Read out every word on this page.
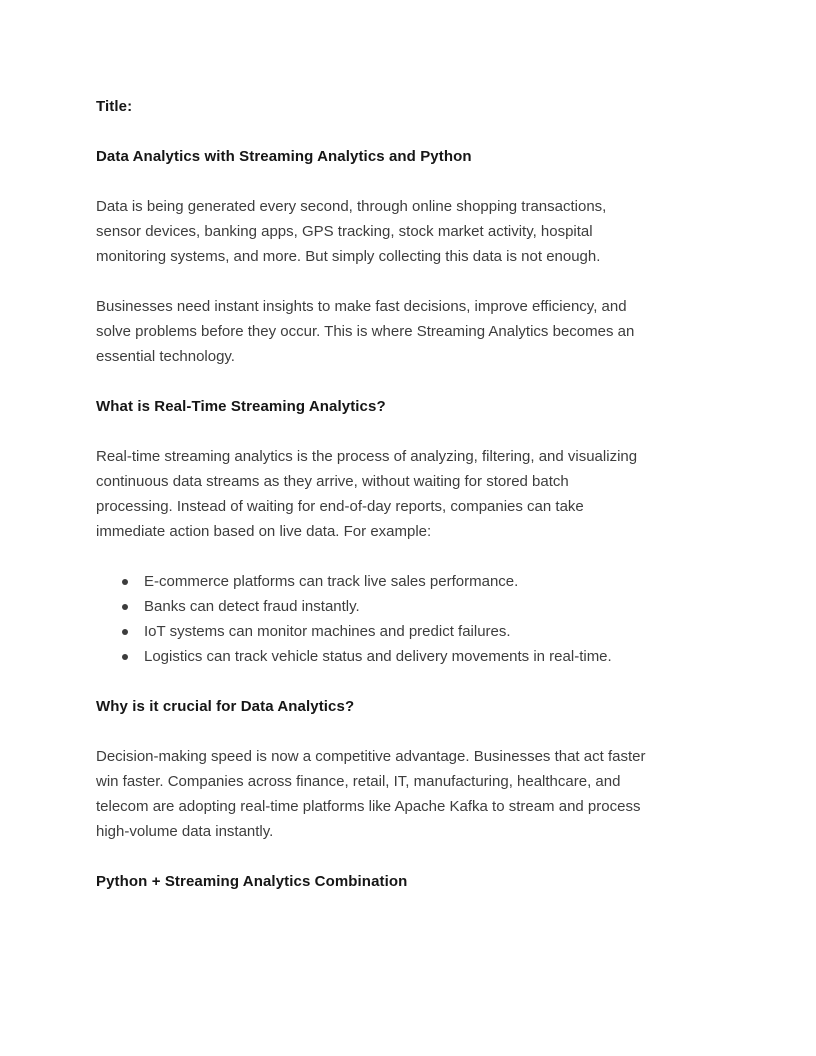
Title:
Data Analytics with Streaming Analytics and Python
Data is being generated every second, through online shopping transactions,
sensor devices, banking apps, GPS tracking, stock market activity, hospital
monitoring systems, and more. But simply collecting this data is not enough.
Businesses need instant insights to make fast decisions, improve efficiency, and
solve problems before they occur. This is where Streaming Analytics becomes an
essential technology.
What is Real-Time Streaming Analytics?
Real-time streaming analytics is the process of analyzing, filtering, and visualizing
continuous data streams as they arrive, without waiting for stored batch
processing. Instead of waiting for end-of-day reports, companies can take
immediate action based on live data. For example:
E-commerce platforms can track live sales performance.
Banks can detect fraud instantly.
IoT systems can monitor machines and predict failures.
Logistics can track vehicle status and delivery movements in real-time.
Why is it crucial for Data Analytics?
Decision-making speed is now a competitive advantage. Businesses that act faster
win faster. Companies across finance, retail, IT, manufacturing, healthcare, and
telecom are adopting real-time platforms like Apache Kafka to stream and process
high-volume data instantly.
Python + Streaming Analytics Combination
